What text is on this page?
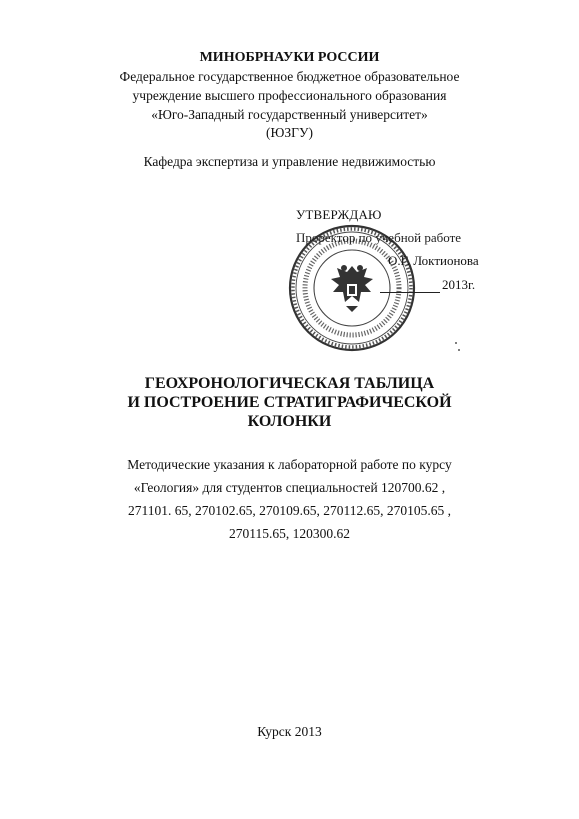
МИНОБРНАУКИ РОССИИ
Федеральное государственное бюджетное образовательное
учреждение высшего профессионального образования
«Юго-Западный государственный университет»
(ЮЗГУ)
Кафедра экспертиза и управление недвижимостью
УТВЕРЖДАЮ
Проректор по учебной работе
О.Г. Локтионова
2013г.
ГЕОХРОНОЛОГИЧЕСКАЯ ТАБЛИЦА
И ПОСТРОЕНИЕ СТРАТИГРАФИЧЕСКОЙ
КОЛОНКИ
Методические указания к лабораторной работе по курсу
«Геология» для студентов специальностей 120700.62 ,
271101. 65, 270102.65, 270109.65, 270112.65, 270105.65 ,
270115.65, 120300.62
Курск 2013
